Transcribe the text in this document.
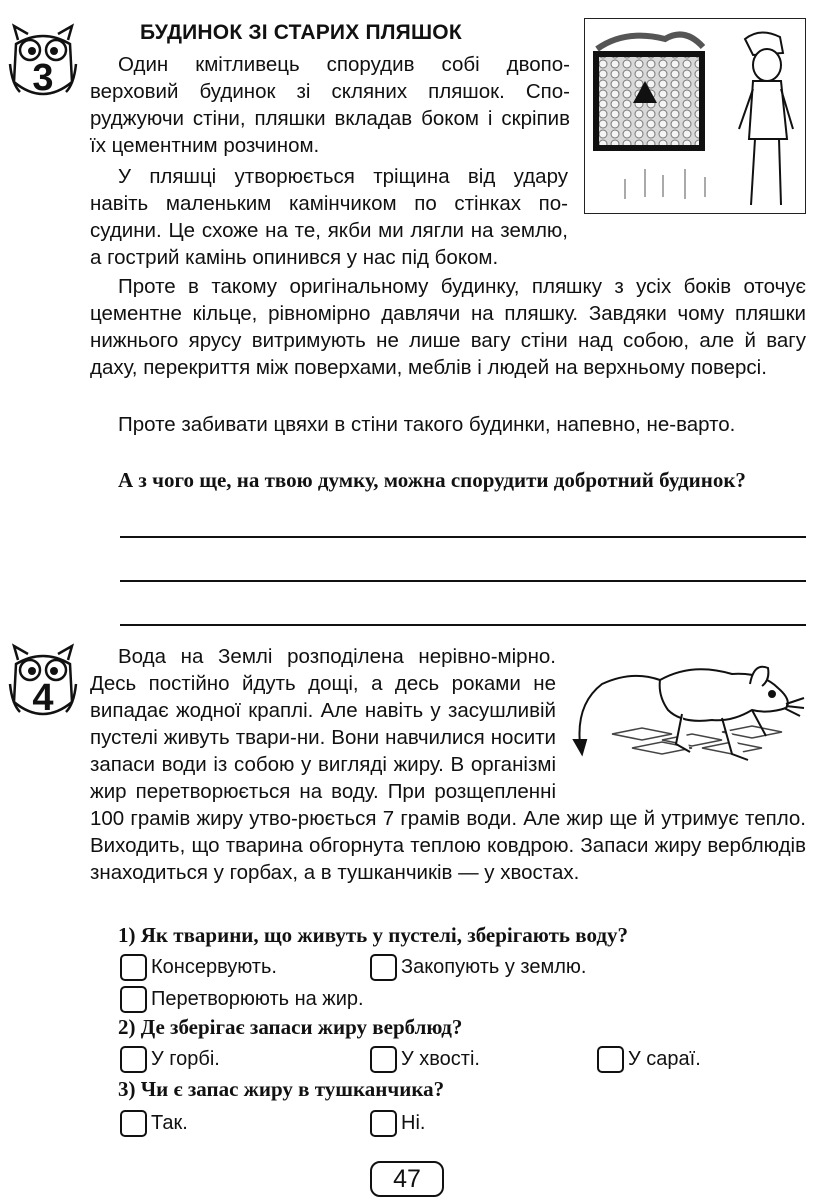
3
БУДИНОК ЗІ СТАРИХ ПЛЯШОК

Один кмітливець спорудив собі двопо-верховий будинок зі скляних пляшок. Спо-руджуючи стіни, пляшки вкладав боком і скріпив їх цементним розчином.

У пляшці утворюється тріщина від удару навіть маленьким камінчиком по стінках по-судини. Це схоже на те, якби ми лягли на землю, а гострий камінь опинився у нас під боком.

Проте в такому оригінальному будинку, пляшку з усіх боків оточує цементне кільце, рівномірно давлячи на пляшку. Завдяки чому пляшки нижнього ярусу витримують не лише вагу стіни над собою, але й вагу даху, перекриття між поверхами, меблів і людей на верхньому поверсі.

Проте забивати цвяхи в стіни такого будинки, напевно, не-варто.

А з чого ще, на твою думку, можна спорудити добротний будинок?

4

Вода на Землі розподілена нерівно-мірно. Десь постійно йдуть дощі, а десь роками не випадає жодної краплі. Але навіть у засушливій пустелі живуть твари-ни. Вони навчилися носити запаси води із собою у вигляді жиру. В організмі жир перетворюється на воду. При розщепленні 100 грамів жиру утво-рюється 7 грамів води. Але жир ще й утримує тепло. Виходить, що тварина обгорнута теплою ковдрою. Запаси жиру верблюдів знаходиться у горбах, а в тушканчиків — у хвостах.

1) Як тварини, що живуть у пустелі, зберігають воду?

Консервують.	Закопують у землю.
Перетворюють на жир.

2) Де зберігає запаси жиру верблюд?

У горбі.	У хвості.	У сараї.

3) Чи є запас жиру в тушканчика?

Так.	Ні.
47
